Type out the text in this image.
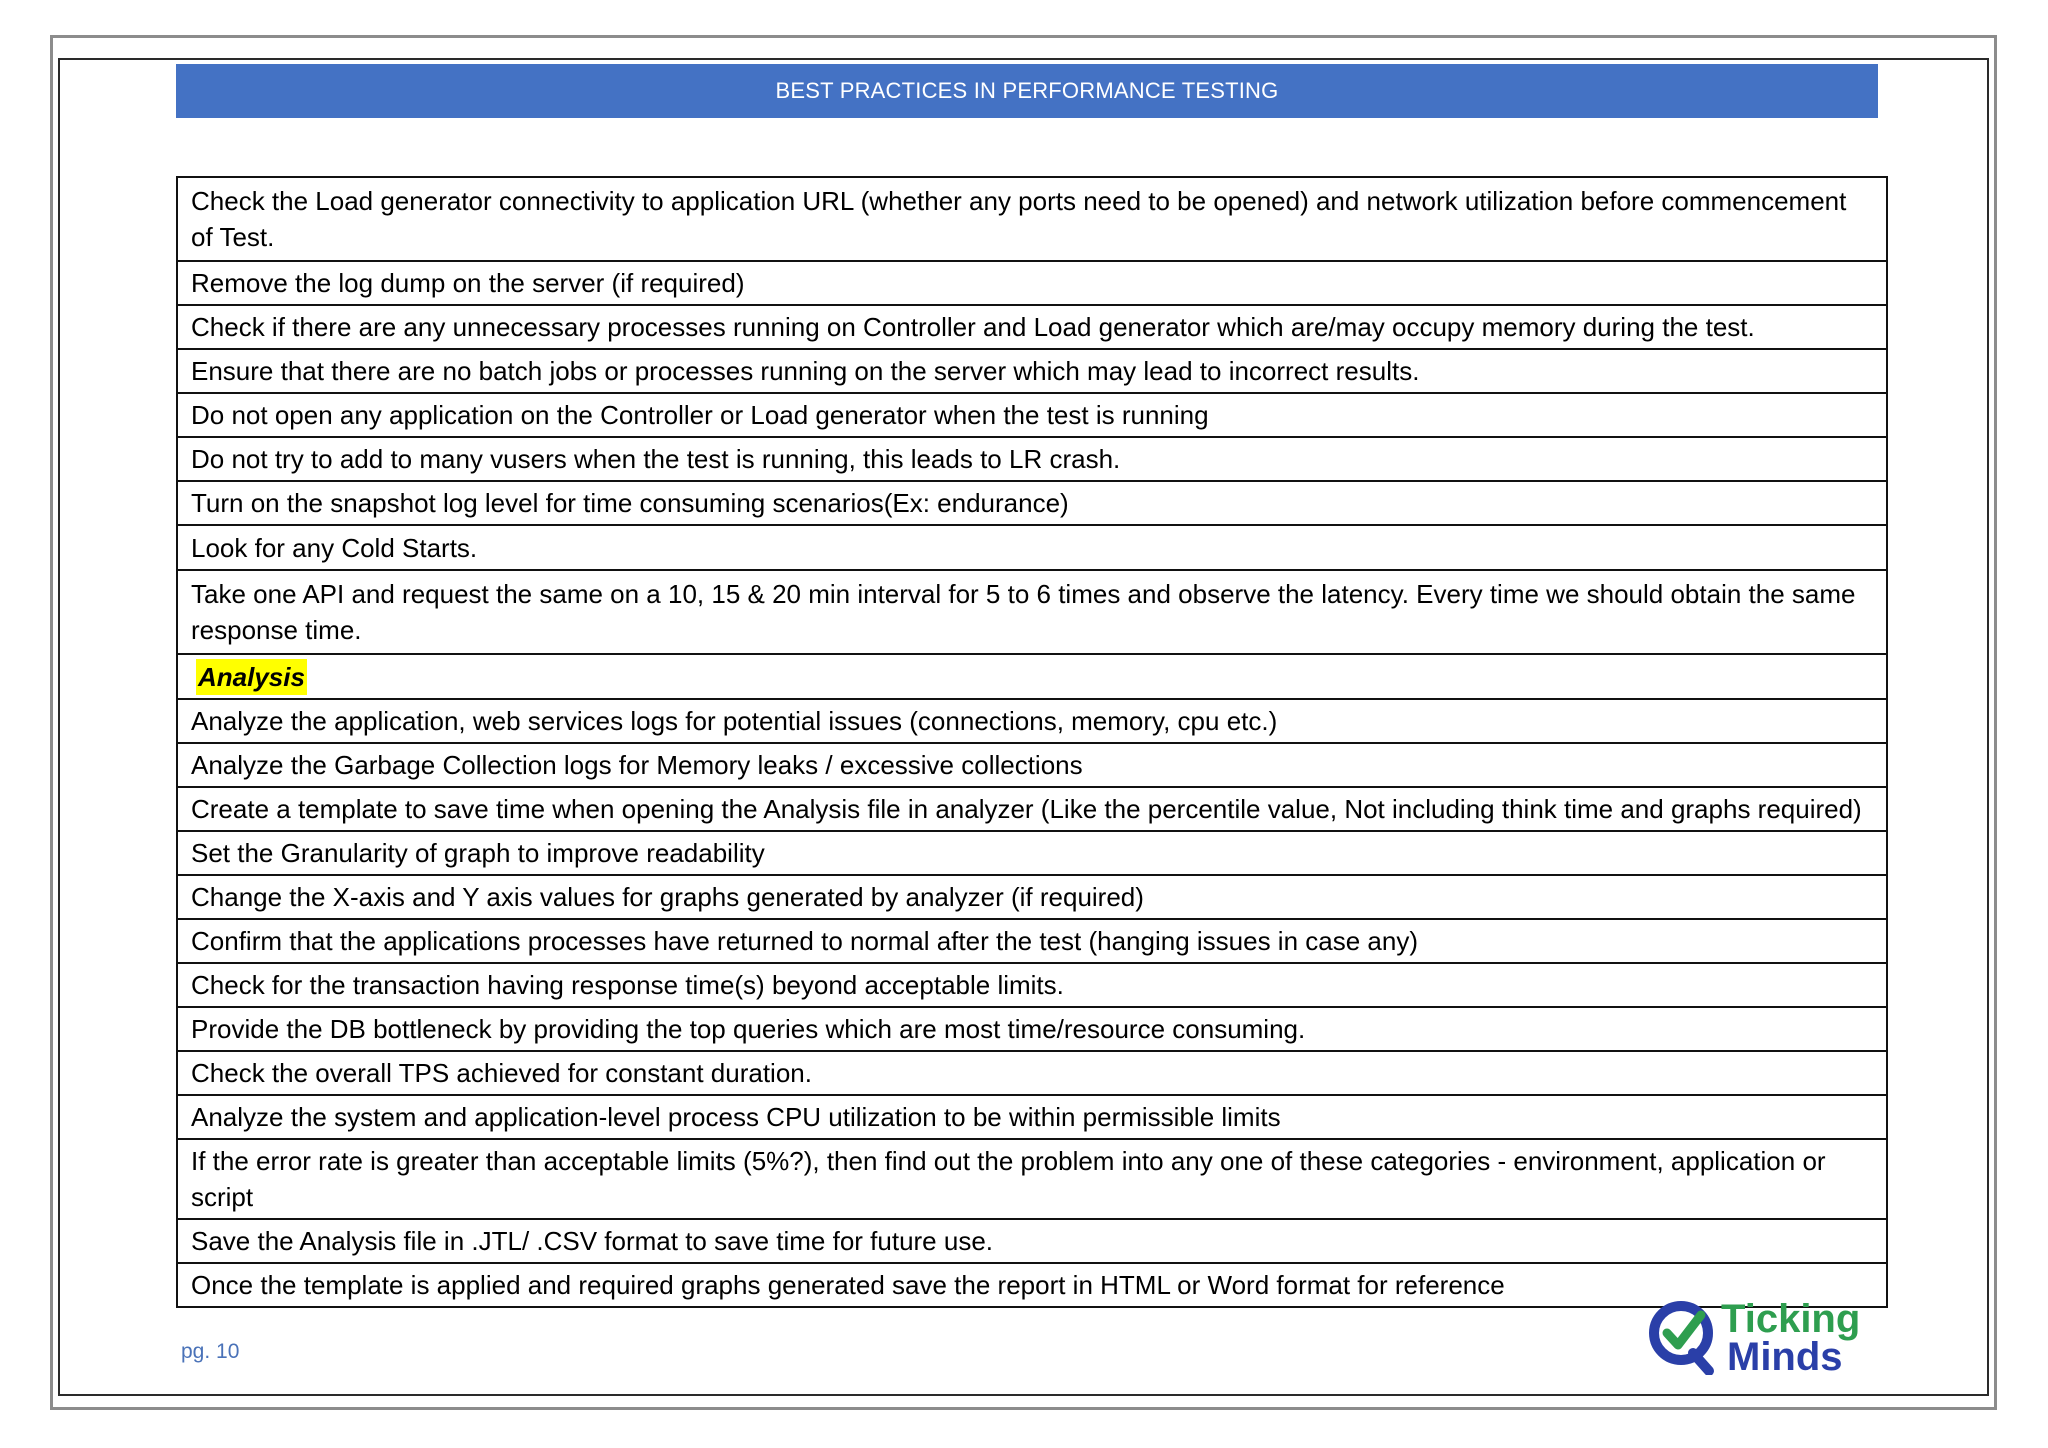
BEST PRACTICES IN PERFORMANCE TESTING
Check the Load generator connectivity to application URL (whether any ports need to be opened) and network utilization before commencement of Test.
Remove the log dump on the server (if required)
Check if there are any unnecessary processes running on Controller and Load generator which are/may occupy memory during the test.
Ensure that there are no batch jobs or processes running on the server which may lead to incorrect results.
Do not open any application on the Controller or Load generator when the test is running
Do not try to add to many vusers when the test is running, this leads to LR crash.
Turn on the snapshot log level for time consuming scenarios(Ex: endurance)
Look for any Cold Starts.
Take one API and request the same on a 10, 15 & 20 min interval for 5 to 6 times and observe the latency. Every time we should obtain the same response time.
Analysis
Analyze the application, web services logs for potential issues (connections, memory, cpu etc.)
Analyze the Garbage Collection logs for Memory leaks / excessive collections
Create a template to save time when opening the Analysis file in analyzer (Like the percentile value, Not including think time and graphs required)
Set the Granularity of graph to improve readability
Change the X-axis and Y axis values for graphs generated by analyzer (if required)
Confirm that the applications processes have returned to normal after the test (hanging issues in case any)
Check for the transaction having response time(s) beyond acceptable limits.
Provide the DB bottleneck by providing the top queries which are most time/resource consuming.
Check the overall TPS achieved for constant duration.
Analyze the system and application-level process CPU utilization to be within permissible limits
If the error rate is greater than acceptable limits (5%?), then find out the problem into any one of these categories - environment, application or script
Save the Analysis file in .JTL/ .CSV format to save time for future use.
Once the template is applied and required graphs generated save the report in HTML or Word format for reference
pg. 10
Ticking
Minds
